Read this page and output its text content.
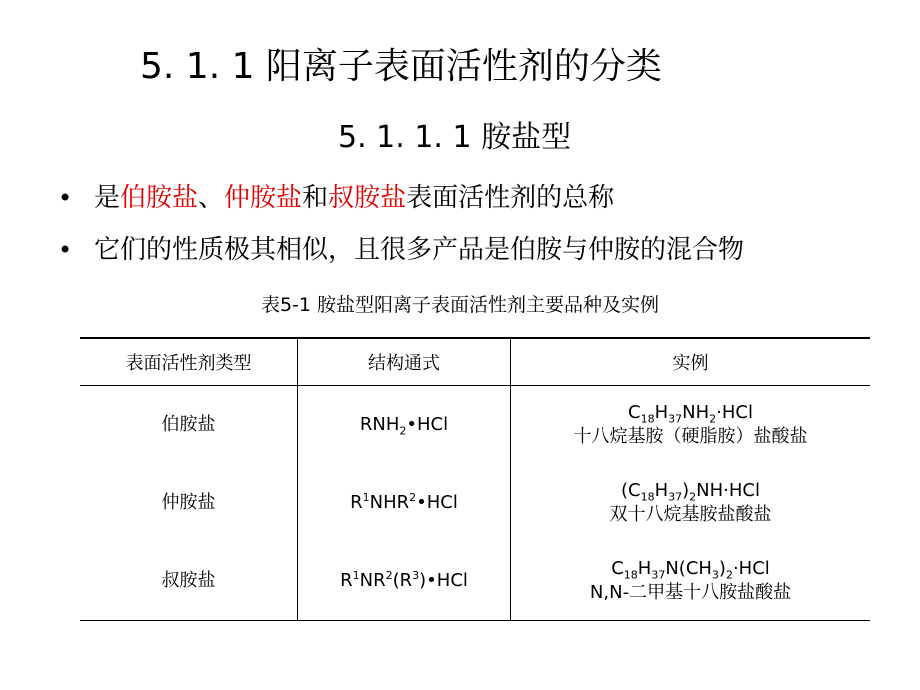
5. 1. 1 阳离子表面活性剂的分类
5. 1. 1. 1 胺盐型
• 是伯胺盐、仲胺盐和叔胺盐表面活性剂的总称
• 它们的性质极其相似，且很多产品是伯胺与仲胺的混合物
表5-1 胺盐型阳离子表面活性剂主要品种及实例
表面活性剂类型	结构通式	实例
伯胺盐	$RNH_2•HCl$	$C_{18}H_{37}NH_2\cdot HCl$
十八烷基胺（硬脂胺）盐酸盐

仲胺盐	$R^1NHR^2•HCl$	$(C_{18}H_{37})_2NH\cdot HCl$
双十八烷基胺盐酸盐

叔胺盐	$R^1NR^2(R^3)•HCl$	$C_{18}H_{37}N(CH_3)_2\cdot HCl$
N,N-二甲基十八胺盐酸盐
